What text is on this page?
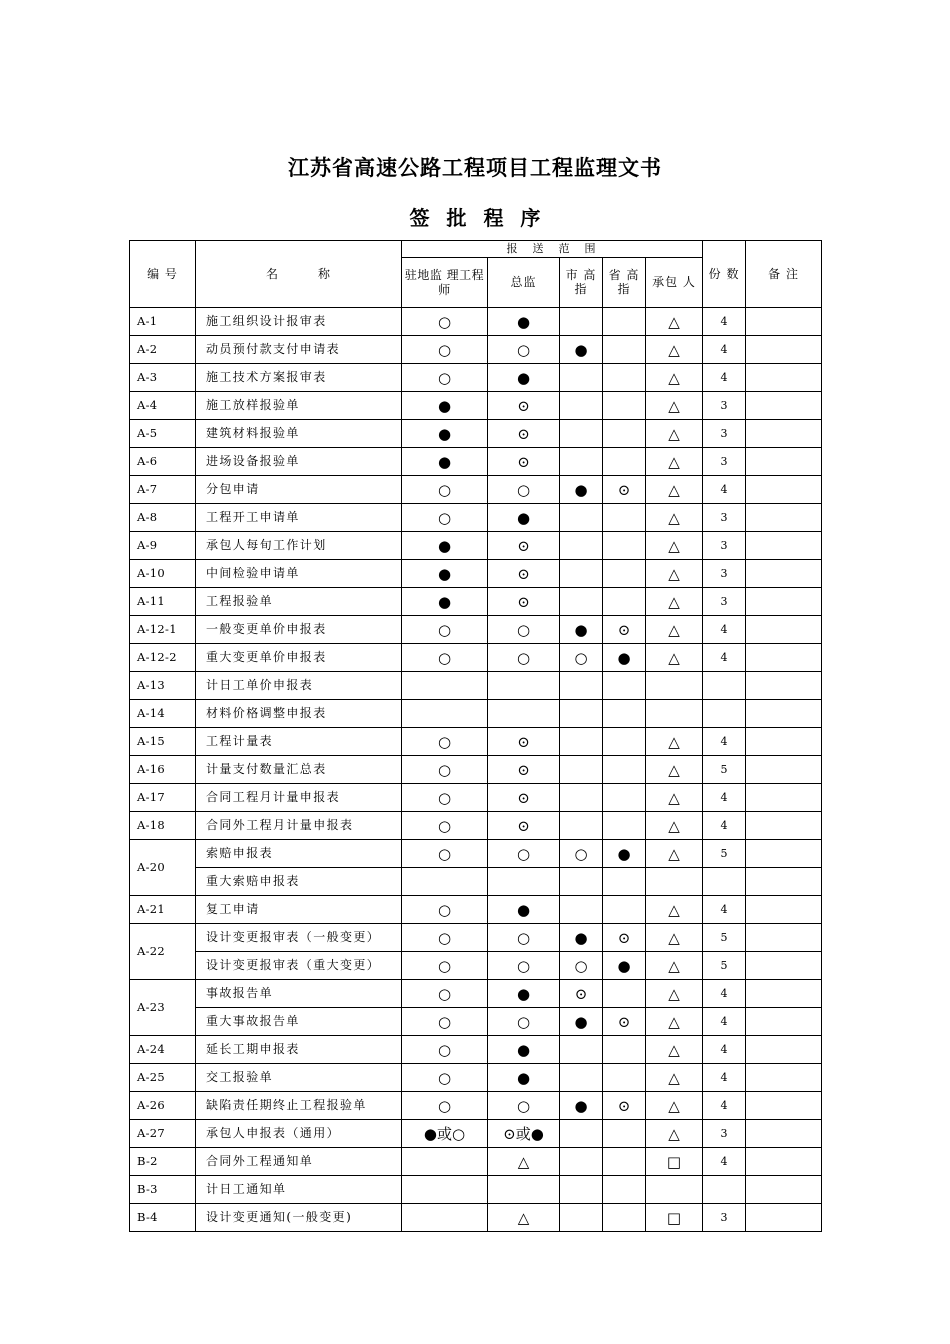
江苏省高速公路工程项目工程监理文书
签 批 程 序
编 号	名　　　称	报　送　范　围					份 数	备 注
		驻地监 理工程师	总监	市 高 指	省 高 指	承包 人		
A-1	施工组织设计报审表	○	●			△	4	
A-2	动员预付款支付申请表	○	○	●		△	4	
A-3	施工技术方案报审表	○	●			△	4	
A-4	施工放样报验单	●	⊙			△	3	
A-5	建筑材料报验单	●	⊙			△	3	
A-6	进场设备报验单	●	⊙			△	3	
A-7	分包申请	○	○	●	⊙	△	4	
A-8	工程开工申请单	○	●			△	3	
A-9	承包人每旬工作计划	●	⊙			△	3	
A-10	中间检验申请单	●	⊙			△	3	
A-11	工程报验单	●	⊙			△	3	
A-12-1	一般变更单价申报表	○	○	●	⊙	△	4	
A-12-2	重大变更单价申报表	○	○	○	●	△	4	
A-13	计日工单价申报表							
A-14	材料价格调整申报表							
A-15	工程计量表	○	⊙			△	4	
A-16	计量支付数量汇总表	○	⊙			△	5	
A-17	合同工程月计量申报表	○	⊙			△	4	
A-18	合同外工程月计量申报表	○	⊙			△	4	
A-20	索赔申报表	○	○	○	●	△	5	
	重大索赔申报表							
A-21	复工申请	○	●			△	4	
A-22	设计变更报审表（一般变更）	○	○	●	⊙	△	5	
	设计变更报审表（重大变更）	○	○	○	●	△	5	
A-23	事故报告单	○	●	⊙		△	4	
	重大事故报告单	○	○	●	⊙	△	4	
A-24	延长工期申报表	○	●			△	4	
A-25	交工报验单	○	●			△	4	
A-26	缺陷责任期终止工程报验单	○	○	●	⊙	△	4	
A-27	承包人申报表（通用）	●或○	⊙或●			△	3	
B-2	合同外工程通知单		△			□	4	
B-3	计日工通知单							
B-4	设计变更通知(一般变更)		△			□	3	
